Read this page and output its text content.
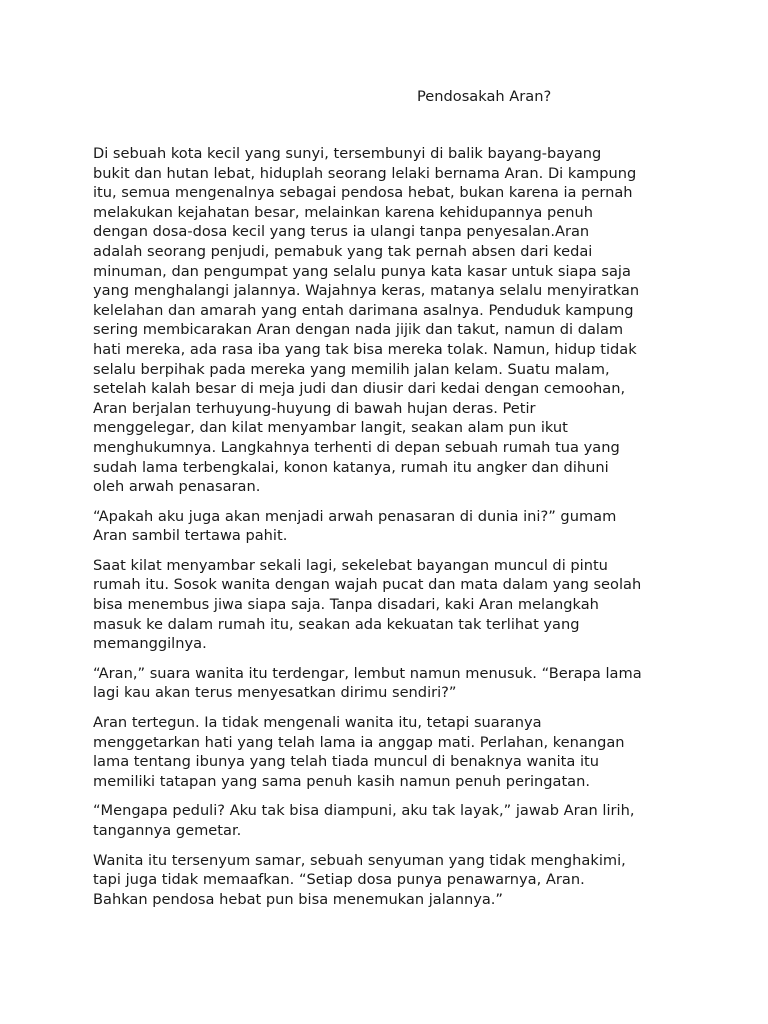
Pendosakah Aran?

Di sebuah kota kecil yang sunyi, tersembunyi di balik bayang-bayang
bukit dan hutan lebat, hiduplah seorang lelaki bernama Aran. Di kampung
itu, semua mengenalnya sebagai pendosa hebat, bukan karena ia pernah
melakukan kejahatan besar, melainkan karena kehidupannya penuh
dengan dosa-dosa kecil yang terus ia ulangi tanpa penyesalan.Aran
adalah seorang penjudi, pemabuk yang tak pernah absen dari kedai
minuman, dan pengumpat yang selalu punya kata kasar untuk siapa saja
yang menghalangi jalannya. Wajahnya keras, matanya selalu menyiratkan
kelelahan dan amarah yang entah darimana asalnya. Penduduk kampung
sering membicarakan Aran dengan nada jijik dan takut, namun di dalam
hati mereka, ada rasa iba yang tak bisa mereka tolak. Namun, hidup tidak
selalu berpihak pada mereka yang memilih jalan kelam. Suatu malam,
setelah kalah besar di meja judi dan diusir dari kedai dengan cemoohan,
Aran berjalan terhuyung-huyung di bawah hujan deras. Petir
menggelegar, dan kilat menyambar langit, seakan alam pun ikut
menghukumnya. Langkahnya terhenti di depan sebuah rumah tua yang
sudah lama terbengkalai, konon katanya, rumah itu angker dan dihuni
oleh arwah penasaran.

“Apakah aku juga akan menjadi arwah penasaran di dunia ini?” gumam
Aran sambil tertawa pahit.

Saat kilat menyambar sekali lagi, sekelebat bayangan muncul di pintu
rumah itu. Sosok wanita dengan wajah pucat dan mata dalam yang seolah
bisa menembus jiwa siapa saja. Tanpa disadari, kaki Aran melangkah
masuk ke dalam rumah itu, seakan ada kekuatan tak terlihat yang
memanggilnya.

“Aran,” suara wanita itu terdengar, lembut namun menusuk. “Berapa lama
lagi kau akan terus menyesatkan dirimu sendiri?”

Aran tertegun. Ia tidak mengenali wanita itu, tetapi suaranya
menggetarkan hati yang telah lama ia anggap mati. Perlahan, kenangan
lama tentang ibunya yang telah tiada muncul di benaknya wanita itu
memiliki tatapan yang sama penuh kasih namun penuh peringatan.

“Mengapa peduli? Aku tak bisa diampuni, aku tak layak,” jawab Aran lirih,
tangannya gemetar.

Wanita itu tersenyum samar, sebuah senyuman yang tidak menghakimi,
tapi juga tidak memaafkan. “Setiap dosa punya penawarnya, Aran.
Bahkan pendosa hebat pun bisa menemukan jalannya.”
